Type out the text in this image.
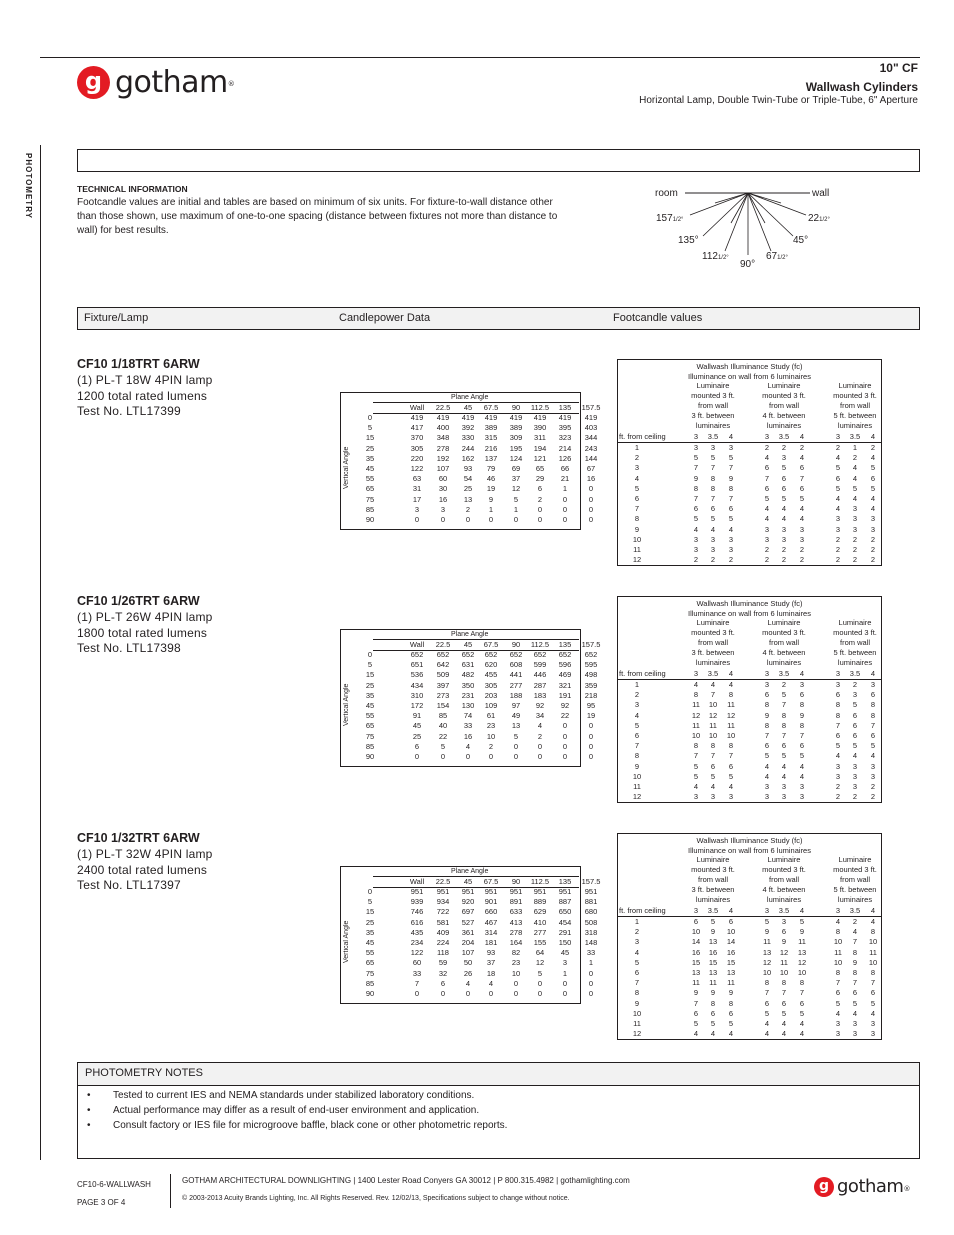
g gotham®
10" CF
Wallwash Cylinders
Horizontal Lamp, Double Twin-Tube or Triple-Tube, 6" Aperture
PHOTOMETRY	TECHNICAL INFORMATION
Footcandle values are initial and tables are based on minimum of six units. For fixture-to-wall distance other than those shown, use maximum of one-to-one spacing (distance between fixtures not more than distance to wall) for best results.
room	wall
1571/2°
135°
1121/2°
90°
671/2°
45°
221/2°
Fixture/Lamp	Candlepower Data	Footcandle values
CF10 1/18TRT 6ARW
(1) PL-T 18W 4PIN lamp
1200 total rated lumens
Test No. LTL17399
Plane Angle
Vertical Angle
Wall	22.5	45	67.5	90	112.5	135	157.5
0	419	419	419	419	419	419	419	419
5	417	400	392	389	389	390	395	403
15	370	348	330	315	309	311	323	344
25	305	278	244	216	195	194	214	243
35	220	192	162	137	124	121	126	144
45	122	107	93	79	69	65	66	67
55	63	60	54	46	37	29	21	16
65	31	30	25	19	12	6	1	0
75	17	16	13	9	5	2	0	0
85	3	3	2	1	1	0	0	0
90	0	0	0	0	0	0	0	0
Wallwash Illuminance Study (fc)
Illuminance on wall from 6 luminaires
Luminaire
mounted 3 ft.
from wall
3 ft. between
luminaires
Luminaire
mounted 3 ft.
from wall
4 ft. between
luminaires
Luminaire
mounted 3 ft.
from wall
5 ft. between
luminaires
ft. from ceiling	3	3.5	4	3	3.5	4	3	3.5	4
1	3	3	3	2	2	2	2	1	2
2	5	5	5	4	3	4	4	2	4
3	7	7	7	6	5	6	5	4	5
4	9	8	9	7	6	7	6	4	6
5	8	8	8	6	6	6	5	5	5
6	7	7	7	5	5	5	4	4	4
7	6	6	6	4	4	4	4	3	4
8	5	5	5	4	4	4	3	3	3
9	4	4	4	3	3	3	3	3	3
10	3	3	3	3	3	3	2	2	2
11	3	3	3	2	2	2	2	2	2
12	2	2	2	2	2	2	2	2	2
CF10 1/26TRT 6ARW
(1) PL-T 26W 4PIN lamp
1800 total rated lumens
Test No. LTL17398
Plane Angle
Vertical Angle
Wall	22.5	45	67.5	90	112.5	135	157.5
0	652	652	652	652	652	652	652	652
5	651	642	631	620	608	599	596	595
15	536	509	482	455	441	446	469	498
25	434	397	350	305	277	287	321	359
35	310	273	231	203	188	183	191	218
45	172	154	130	109	97	92	92	95
55	91	85	74	61	49	34	22	19
65	45	40	33	23	13	4	0	0
75	25	22	16	10	5	2	0	0
85	6	5	4	2	0	0	0	0
90	0	0	0	0	0	0	0	0
Wallwash Illuminance Study (fc)
Illuminance on wall from 6 luminaires
Luminaire
mounted 3 ft.
from wall
3 ft. between
luminaires
Luminaire
mounted 3 ft.
from wall
4 ft. between
luminaires
Luminaire
mounted 3 ft.
from wall
5 ft. between
luminaires
ft. from ceiling	3	3.5	4	3	3.5	4	3	3.5	4
1	4	4	4	3	2	3	3	2	3
2	8	7	8	6	5	6	6	3	6
3	11	10	11	8	7	8	8	5	8
4	12	12	12	9	8	9	8	6	8
5	11	11	11	8	8	8	7	6	7
6	10	10	10	7	7	7	6	6	6
7	8	8	8	6	6	6	5	5	5
8	7	7	7	5	5	5	4	4	4
9	5	6	6	4	4	4	3	3	3
10	5	5	5	4	4	4	3	3	3
11	4	4	4	3	3	3	2	3	2
12	3	3	3	3	3	3	2	2	2
CF10 1/32TRT 6ARW
(1) PL-T 32W 4PIN lamp
2400 total rated lumens
Test No. LTL17397
Plane Angle
Vertical Angle
Wall	22.5	45	67.5	90	112.5	135	157.5
0	951	951	951	951	951	951	951	951
5	939	934	920	901	891	889	887	881
15	746	722	697	660	633	629	650	680
25	616	581	527	467	413	410	454	508
35	435	409	361	314	278	277	291	318
45	234	224	204	181	164	155	150	148
55	122	118	107	93	82	64	45	33
65	60	59	50	37	23	12	3	1
75	33	32	26	18	10	5	1	0
85	7	6	4	4	0	0	0	0
90	0	0	0	0	0	0	0	0
Wallwash Illuminance Study (fc)
Illuminance on wall from 6 luminaires
Luminaire
mounted 3 ft.
from wall
3 ft. between
luminaires
Luminaire
mounted 3 ft.
from wall
4 ft. between
luminaires
Luminaire
mounted 3 ft.
from wall
5 ft. between
luminaires
ft. from ceiling	3	3.5	4	3	3.5	4	3	3.5	4
1	6	5	6	5	3	5	4	2	4
2	10	9	10	9	6	9	8	4	8
3	14	13	14	11	9	11	10	7	10
4	16	16	16	13	12	13	11	8	11
5	15	15	15	12	11	12	10	9	10
6	13	13	13	10	10	10	8	8	8
7	11	11	11	8	8	8	7	7	7
8	9	9	9	7	7	7	6	6	6
9	7	8	8	6	6	6	5	5	5
10	6	6	6	5	5	5	4	4	4
11	5	5	5	4	4	4	3	3	3
12	4	4	4	4	4	4	3	3	3
PHOTOMETRY NOTES
•	Tested to current IES and NEMA standards under stabilized laboratory conditions.
•	Actual performance may differ as a result of end-user environment and application.
•	Consult factory or IES file for microgroove baffle, black cone or other photometric reports.
CF10-6-WALLWASH
PAGE 3 OF 4
GOTHAM ARCHITECTURAL DOWNLIGHTING | 1400 Lester Road Conyers GA 30012 | P 800.315.4982 | gothamlighting.com
© 2003-2013 Acuity Brands Lighting, Inc. All Rights Reserved. Rev. 12/02/13, Specifications subject to change without notice.
g gotham®
